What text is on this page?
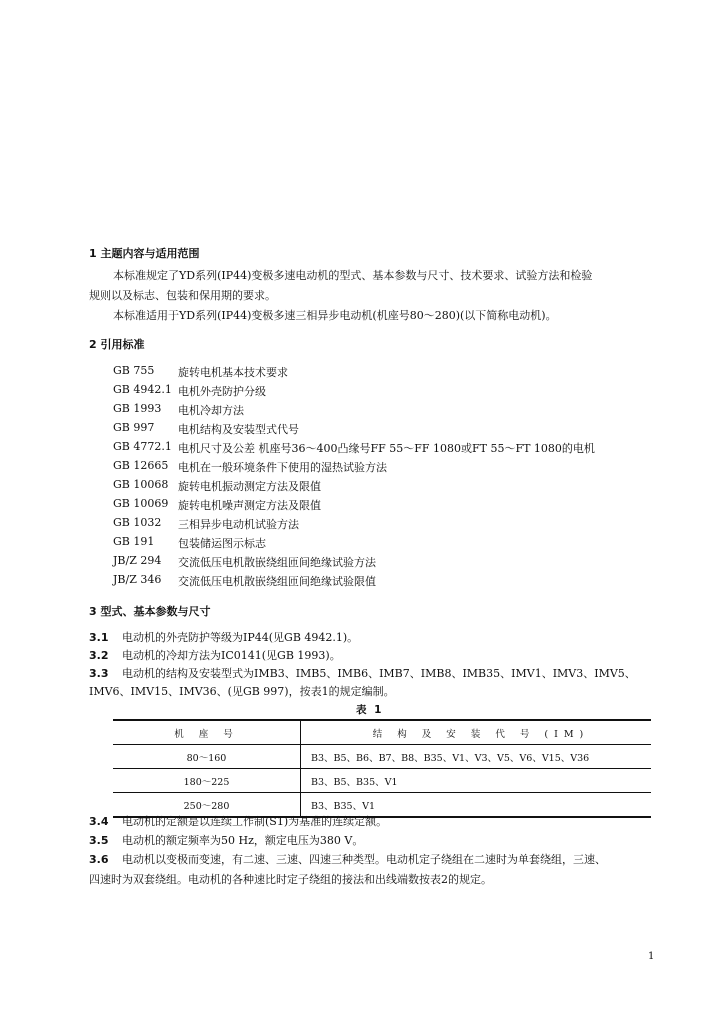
1 主题内容与适用范围
本标准规定了YD系列(IP44)变极多速电动机的型式、基本参数与尺寸、技术要求、试验方法和检验
规则以及标志、包装和保用期的要求。
本标准适用于YD系列(IP44)变极多速三相异步电动机(机座号80～280)(以下简称电动机)。
2 引用标准
GB 755 旋转电机基本技术要求
GB 4942.1 电机外壳防护分级
GB 1993 电机冷却方法
GB 997 电机结构及安装型式代号
GB 4772.1 电机尺寸及公差 机座号36～400凸缘号FF 55～FF 1080或FT 55～FT 1080的电机
GB 12665 电机在一般环境条件下使用的湿热试验方法
GB 10068 旋转电机振动测定方法及限值
GB 10069 旋转电机噪声测定方法及限值
GB 1032 三相异步电动机试验方法
GB 191 包装储运图示标志
JB/Z 294 交流低压电机散嵌绕组匝间绝缘试验方法
JB/Z 346 交流低压电机散嵌绕组匝间绝缘试验限值
3 型式、基本参数与尺寸
3.1 电动机的外壳防护等级为IP44(见GB 4942.1)。
3.2 电动机的冷却方法为IC0141(见GB 1993)。
3.3 电动机的结构及安装型式为IMB3、IMB5、IMB6、IMB7、IMB8、IMB35、IMV1、IMV3、IMV5、
IMV6、IMV15、IMV36、(见GB 997)，按表1的规定编制。
表 1
机 座 号	结 构 及 安 装 代 号 (IM)
80～160	B3、B5、B6、B7、B8、B35、V1、V3、V5、V6、V15、V36
180～225	B3、B5、B35、V1
250～280	B3、B35、V1
3.4 电动机的定额是以连续工作制(S1)为基准的连续定额。
3.5 电动机的额定频率为50 Hz，额定电压为380 V。
3.6 电动机以变极而变速，有二速、三速、四速三种类型。电动机定子绕组在二速时为单套绕组，三速、
四速时为双套绕组。电动机的各种速比时定子绕组的接法和出线端数按表2的规定。
1
